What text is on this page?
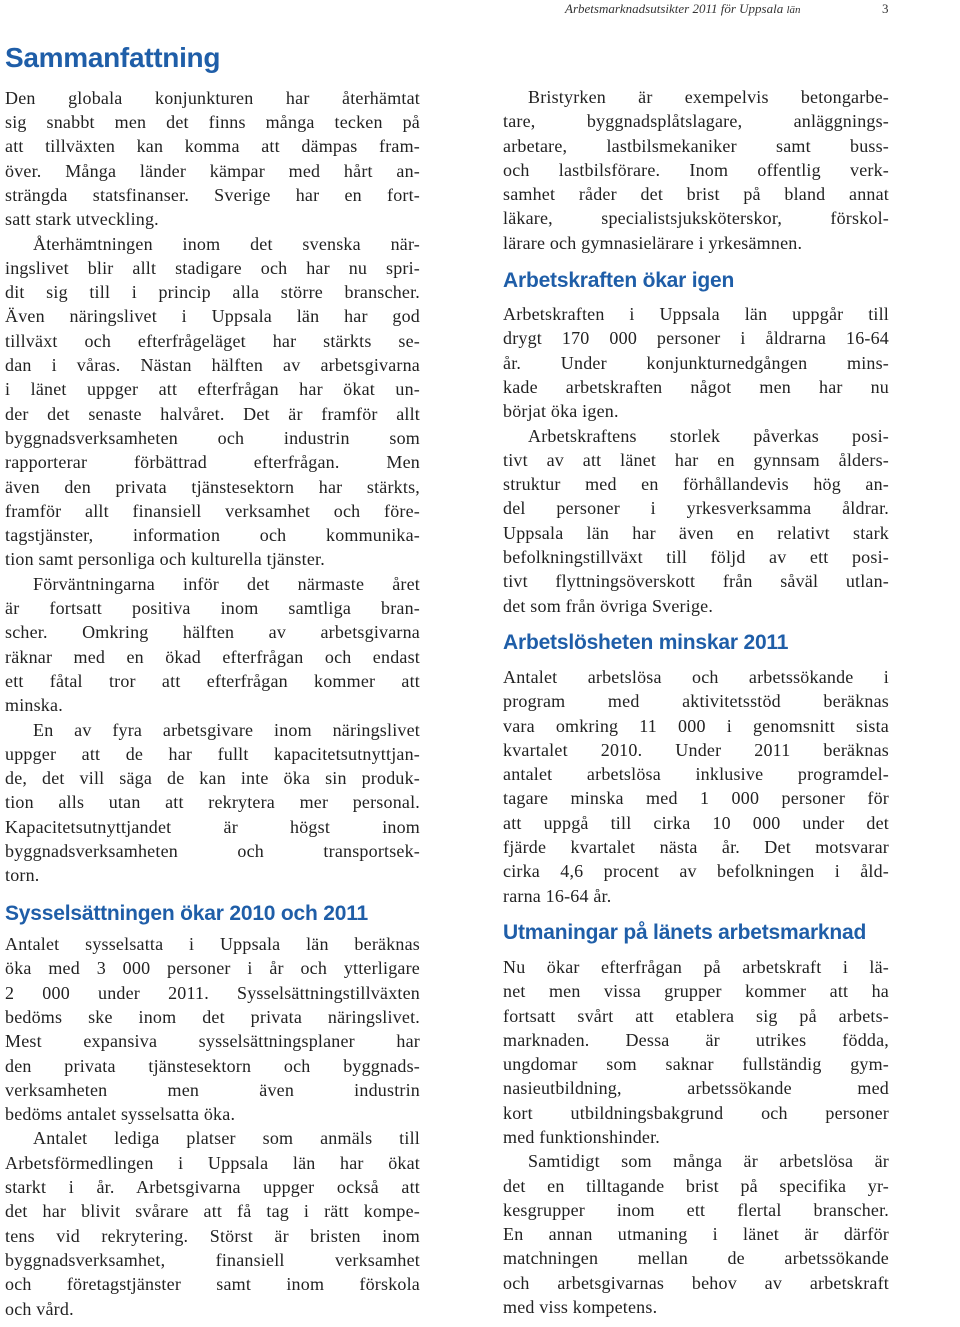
Arbetsmarknadsutsikter 2011 för Uppsala län	3
Sammanfattning
Den globala konjunkturen har återhämtat
sig snabbt men det finns många tecken på
att tillväxten kan komma att dämpas fram-
över. Många länder kämpar med hårt an-
strängda statsfinanser. Sverige har en fort-
satt stark utveckling.
Återhämtningen inom det svenska när-
ingslivet blir allt stadigare och har nu spri-
dit sig till i princip alla större branscher.
Även näringslivet i Uppsala län har god
tillväxt och efterfrågeläget har stärkts se-
dan i våras. Nästan hälften av arbetsgivarna
i länet uppger att efterfrågan har ökat un-
der det senaste halvåret. Det är framför allt
byggnadsverksamheten och industrin som
rapporterar förbättrad efterfrågan. Men
även den privata tjänstesektorn har stärkts,
framför allt finansiell verksamhet och före-
tagstjänster, information och kommunika-
tion samt personliga och kulturella tjänster.
Förväntningarna inför det närmaste året
är fortsatt positiva inom samtliga bran-
scher. Omkring hälften av arbetsgivarna
räknar med en ökad efterfrågan och endast
ett fåtal tror att efterfrågan kommer att
minska.
En av fyra arbetsgivare inom näringslivet
uppger att de har fullt kapacitetsutnyttjan-
de, det vill säga de kan inte öka sin produk-
tion alls utan att rekrytera mer personal.
Kapacitetsutnyttjandet är högst inom
byggnadsverksamheten och transportsek-
torn.
Sysselsättningen ökar 2010 och 2011
Antalet sysselsatta i Uppsala län beräknas
öka med 3 000 personer i år och ytterligare
2 000 under 2011. Sysselsättningstillväxten
bedöms ske inom det privata näringslivet.
Mest expansiva sysselsättningsplaner har
den privata tjänstesektorn och byggnads-
verksamheten men även industrin
bedöms antalet sysselsatta öka.
Antalet lediga platser som anmäls till
Arbetsförmedlingen i Uppsala län har ökat
starkt i år. Arbetsgivarna uppger också att
det har blivit svårare att få tag i rätt kompe-
tens vid rekrytering. Störst är bristen inom
byggnadsverksamhet, finansiell verksamhet
och företagstjänster samt inom förskola
och vård.
Bristyrken är exempelvis betongarbe-
tare, byggnadsplåtslagare, anläggnings-
arbetare, lastbilsmekaniker samt buss-
och lastbilsförare. Inom offentlig verk-
samhet råder det brist på bland annat
läkare, specialistsjuksköterskor, förskol-
lärare och gymnasielärare i yrkesämnen.
Arbetskraften ökar igen
Arbetskraften i Uppsala län uppgår till
drygt 170 000 personer i åldrarna 16-64
år. Under konjunkturnedgången mins-
kade arbetskraften något men har nu
börjat öka igen.
Arbetskraftens storlek påverkas posi-
tivt av att länet har en gynnsam ålders-
struktur med en förhållandevis hög an-
del personer i yrkesverksamma åldrar.
Uppsala län har även en relativt stark
befolkningstillväxt till följd av ett posi-
tivt flyttningsöverskott från såväl utlan-
det som från övriga Sverige.
Arbetslösheten minskar 2011
Antalet arbetslösa och arbetssökande i
program med aktivitetsstöd beräknas
vara omkring 11 000 i genomsnitt sista
kvartalet 2010. Under 2011 beräknas
antalet arbetslösa inklusive programdel-
tagare minska med 1 000 personer för
att uppgå till cirka 10 000 under det
fjärde kvartalet nästa år. Det motsvarar
cirka 4,6 procent av befolkningen i åld-
rarna 16-64 år.
Utmaningar på länets arbetsmarknad
Nu ökar efterfrågan på arbetskraft i lä-
net men vissa grupper kommer att ha
fortsatt svårt att etablera sig på arbets-
marknaden. Dessa är utrikes födda,
ungdomar som saknar fullständig gym-
nasieutbildning, arbetssökande med
kort utbildningsbakgrund och personer
med funktionshinder.
Samtidigt som många är arbetslösa är
det en tilltagande brist på specifika yr-
kesgrupper inom ett flertal branscher.
En annan utmaning i länet är därför
matchningen mellan de arbetssökande
och arbetsgivarnas behov av arbetskraft
med viss kompetens.
